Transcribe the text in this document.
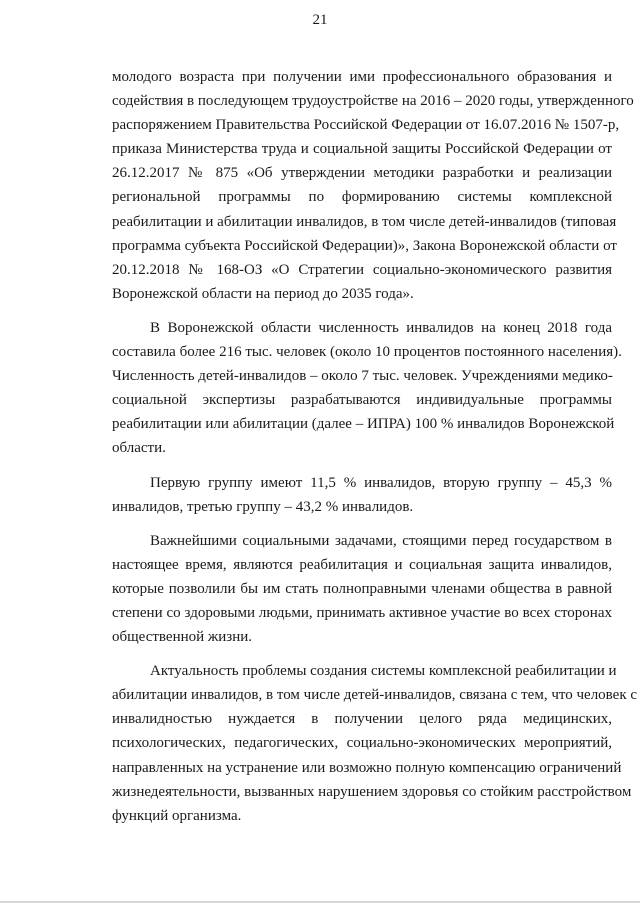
21
молодого возраста при получении ими профессионального образования и
содействия в последующем трудоустройстве на 2016 – 2020 годы, утвержденного
распоряжением Правительства Российской Федерации от 16.07.2016 № 1507-р,
приказа Министерства труда и социальной защиты Российской Федерации от
26.12.2017 № 875 «Об утверждении методики разработки и реализации
региональной программы по формированию системы комплексной
реабилитации и абилитации инвалидов, в том числе детей-инвалидов (типовая
программа субъекта Российской Федерации)», Закона Воронежской области от
20.12.2018 № 168-ОЗ «О Стратегии социально-экономического развития
Воронежской области на период до 2035 года».
В Воронежской области численность инвалидов на конец 2018 года
составила более 216 тыс. человек (около 10 процентов постоянного населения).
Численность детей-инвалидов – около 7 тыс. человек. Учреждениями медико-
социальной экспертизы разрабатываются индивидуальные программы
реабилитации или абилитации (далее – ИПРА) 100 % инвалидов Воронежской
области.
Первую группу имеют 11,5 % инвалидов, вторую группу – 45,3 %
инвалидов, третью группу – 43,2 % инвалидов.
Важнейшими социальными задачами, стоящими перед государством в
настоящее время, являются реабилитация и социальная защита инвалидов,
которые позволили бы им стать полноправными членами общества в равной
степени со здоровыми людьми, принимать активное участие во всех сторонах
общественной жизни.
Актуальность проблемы создания системы комплексной реабилитации и
абилитации инвалидов, в том числе детей-инвалидов, связана с тем, что человек с
инвалидностью нуждается в получении целого ряда медицинских,
психологических, педагогических, социально-экономических мероприятий,
направленных на устранение или возможно полную компенсацию ограничений
жизнедеятельности, вызванных нарушением здоровья со стойким расстройством
функций организма.
